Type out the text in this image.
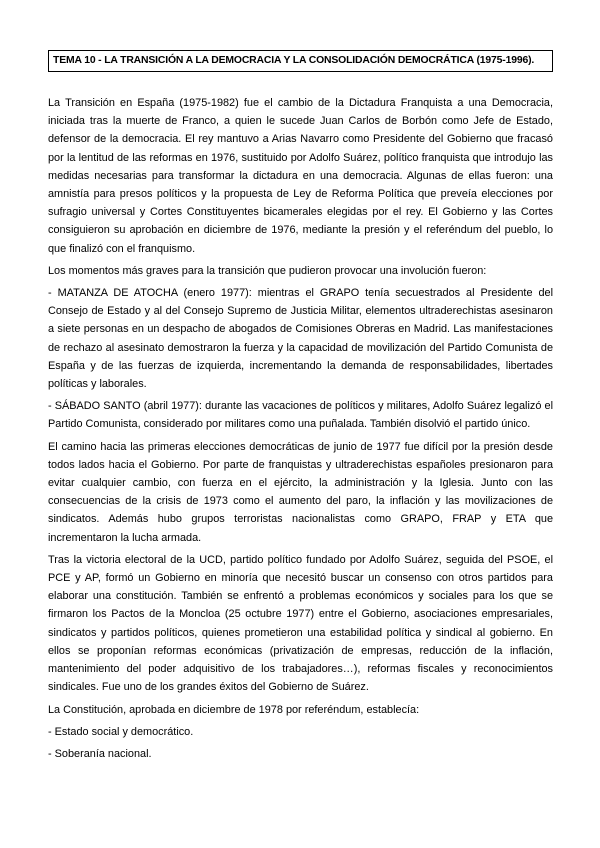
TEMA 10 - LA TRANSICIÓN A LA DEMOCRACIA Y LA CONSOLIDACIÓN DEMOCRÁTICA (1975-1996).

La Transición en España (1975-1982) fue el cambio de la Dictadura Franquista a una Democracia, iniciada tras la muerte de Franco, a quien le sucede Juan Carlos de Borbón como Jefe de Estado, defensor de la democracia. El rey mantuvo a Arias Navarro como Presidente del Gobierno que fracasó por la lentitud de las reformas en 1976, sustituido por Adolfo Suárez, político franquista que introdujo las medidas necesarias para transformar la dictadura en una democracia. Algunas de ellas fueron: una amnistía para presos políticos y la propuesta de Ley de Reforma Política que preveía elecciones por sufragio universal y Cortes Constituyentes bicamerales elegidas por el rey. El Gobierno y las Cortes consiguieron su aprobación en diciembre de 1976, mediante la presión y el referéndum del pueblo, lo que finalizó con el franquismo.

Los momentos más graves para la transición que pudieron provocar una involución fueron:

- MATANZA DE ATOCHA (enero 1977): mientras el GRAPO tenía secuestrados al Presidente del Consejo de Estado y al del Consejo Supremo de Justicia Militar, elementos ultraderechistas asesinaron a siete personas en un despacho de abogados de Comisiones Obreras en Madrid. Las manifestaciones de rechazo al asesinato demostraron la fuerza y la capacidad de movilización del Partido Comunista de España y de las fuerzas de izquierda, incrementando la demanda de responsabilidades, libertades políticas y laborales.

- SÁBADO SANTO (abril 1977): durante las vacaciones de políticos y militares, Adolfo Suárez legalizó el Partido Comunista, considerado por militares como una puñalada. También disolvió el partido único.

El camino hacia las primeras elecciones democráticas de junio de 1977 fue difícil por la presión desde todos lados hacia el Gobierno. Por parte de franquistas y ultraderechistas españoles presionaron para evitar cualquier cambio, con fuerza en el ejército, la administración y la Iglesia. Junto con las consecuencias de la crisis de 1973 como el aumento del paro, la inflación y las movilizaciones de sindicatos. Además hubo grupos terroristas nacionalistas como GRAPO, FRAP y ETA que incrementaron la lucha armada.

Tras la victoria electoral de la UCD, partido político fundado por Adolfo Suárez, seguida del PSOE, el PCE y AP, formó un Gobierno en minoría que necesitó buscar un consenso con otros partidos para elaborar una constitución. También se enfrentó a problemas económicos y sociales para los que se firmaron los Pactos de la Moncloa (25 octubre 1977) entre el Gobierno, asociaciones empresariales, sindicatos y partidos políticos, quienes prometieron una estabilidad política y sindical al gobierno. En ellos se proponían reformas económicas (privatización de empresas, reducción de la inflación, mantenimiento del poder adquisitivo de los trabajadores…), reformas fiscales y reconocimientos sindicales. Fue uno de los grandes éxitos del Gobierno de Suárez.

La Constitución, aprobada en diciembre de 1978 por referéndum, establecía:

- Estado social y democrático.

- Soberanía nacional.
